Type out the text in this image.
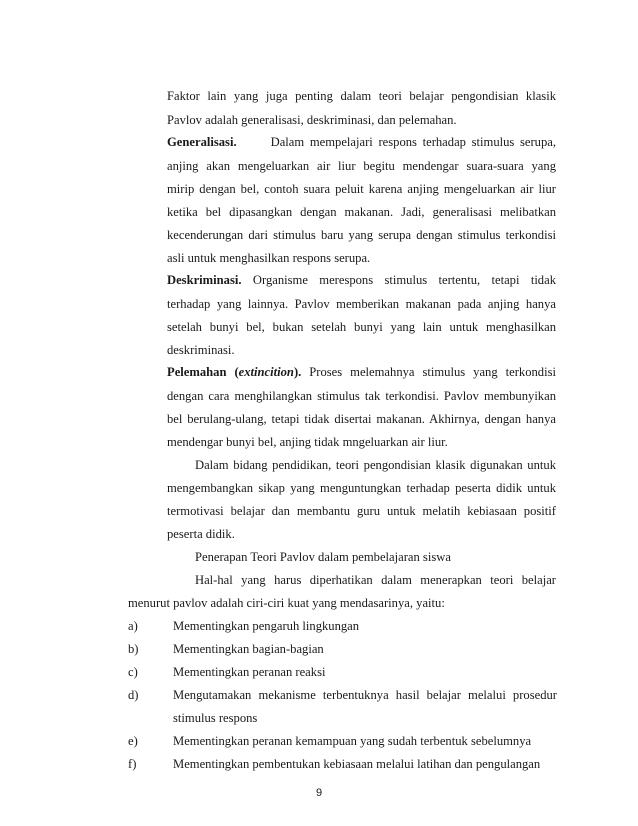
Faktor lain yang juga penting dalam teori belajar pengondisian klasik
Pavlov adalah generalisasi, deskriminasi, dan pelemahan.
Generalisasi.	Dalam mempelajari respons terhadap stimulus serupa,
anjing akan mengeluarkan air liur begitu mendengar suara-suara yang
mirip dengan bel, contoh suara peluit karena anjing mengeluarkan air liur
ketika bel dipasangkan dengan makanan. Jadi, generalisasi melibatkan
kecenderungan dari stimulus baru yang serupa dengan stimulus terkondisi
asli untuk menghasilkan respons serupa.
Deskriminasi. Organisme merespons stimulus tertentu, tetapi tidak
terhadap yang lainnya. Pavlov memberikan makanan pada anjing hanya
setelah bunyi bel, bukan setelah bunyi yang lain untuk menghasilkan
deskriminasi.
Pelemahan (extincition). Proses melemahnya stimulus yang terkondisi
dengan cara menghilangkan stimulus tak terkondisi. Pavlov membunyikan
bel berulang-ulang, tetapi tidak disertai makanan. Akhirnya, dengan hanya
mendengar bunyi bel, anjing tidak mngeluarkan air liur.
Dalam bidang pendidikan, teori pengondisian klasik digunakan untuk
mengembangkan sikap yang menguntungkan terhadap peserta didik untuk
termotivasi belajar dan membantu guru untuk melatih kebiasaan positif
peserta didik.
Penerapan Teori Pavlov dalam pembelajaran siswa
Hal-hal yang harus diperhatikan dalam menerapkan teori belajar
menurut pavlov adalah ciri-ciri kuat yang mendasarinya, yaitu:
a)	Mementingkan pengaruh lingkungan
b)	Mementingkan bagian-bagian
c)	Mementingkan peranan reaksi
d)	Mengutamakan mekanisme terbentuknya hasil belajar melalui prosedur
stimulus respons
e)	Mementingkan peranan kemampuan yang sudah terbentuk sebelumnya
f)	Mementingkan pembentukan kebiasaan melalui latihan dan pengulangan
9
